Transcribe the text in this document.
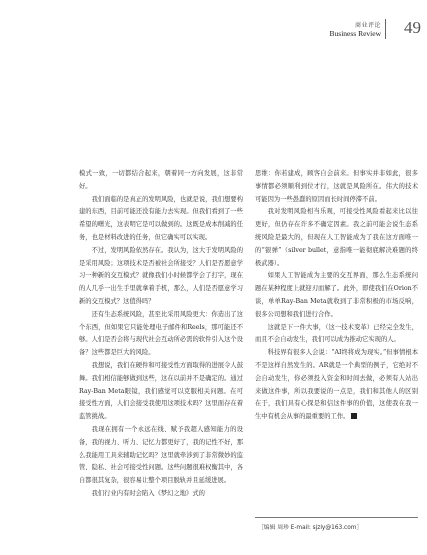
商业评论
Business Review 49

模式一致，一切都结合起来，朝着同一方向发展，这非常好。

我们面临的是真正的发明风险，也就是说，我们想要构建的东西，目前可能还没有能力去实现。但我们看到了一些希望的曙光，这表明它是可以做到的。这既是成本削减的任务，也是材料改进的任务，但它确实可以实现。

不过，发明风险依然存在。我认为，这大于发明风险的是采用风险；这项技术是否被社会所接受？人们是否愿意学习一种新的交互模式？就像我们小时候都学会了打字，现在的人几乎一出生手里就拿着手机，那么，人们是否愿意学习新的交互模式？这值得吗？

还有生态系统风险，甚至比采用风险更大：你造出了这个东西，但如果它只能处理电子邮件和Reels，那可能还不够。人们是否会将与现代社会互动所必需的软件引入这个设备？这些都是巨大的风险。

我想说，我们在硬件和可接受性方面取得的进展令人鼓舞。我们相信能够做到这些，这在以前并不是确定的。通过Ray-Ban Meta眼镜，我们感觉可以克服相关问题。在可接受性方面，人们会接受我使用这项技术吗？这里面存在着监管挑战。

我现在拥有一个永远在线、赋予我超人感知能力的设备，我的视力、听力、记忆力都更好了，我的记性不好，那么我能用工具来辅助记忆吗？这里就牵涉到了非常微妙的监管、隐私、社会可接受性问题。这些问题很难权衡其中，各自都很其复杂，很容易让整个项目脱轨并且延缓进展。

我们行业内有时会陷入《梦幻之地》式的

思维：你若建成，顾客自会前来。但事实并非如此，很多事情都必须顺利到位才行，这就是风险所在。伟大的技术可能因为一些愚蠢的原因而长时间停滞不前。

我对发明风险相当乐观，可接受性风险看起来比以往更好，但仍存在许多不确定因素。我之前可能会说生态系统风险是最大的，但现在人工智能成为了我在这方面唯一的“银弹”（silver bullet，意指唯一能彻底解决难题的终极武器）。

如果人工智能成为主要的交互界面，那么生态系统问题在某种程度上就迎刃而解了。此外，即使我们在Orion不谈，单单Ray-Ban Meta就收到了非常积极的市场反响，很多公司想和我们进行合作。

这就是下一件大事，（这一技术变革）已经完全发生，而且不会自动发生，我们可以成为推动它实现的人。

科技界有很多人会说：“AI终将成为现实。”但事情根本不是这样自然发生的。AR就是一个典型的例子，它绝对不会自动发生，你必须投入资金和时间去做，必须有人站出来做这件事，所以我要说的一点是，我们和其他人的区别在于，我们具有心探是和信这件事的价值，这使我在我一生中有机会从事的最重要的工作。

［编辑 周珍 E-mail: sjzly@163.com］
